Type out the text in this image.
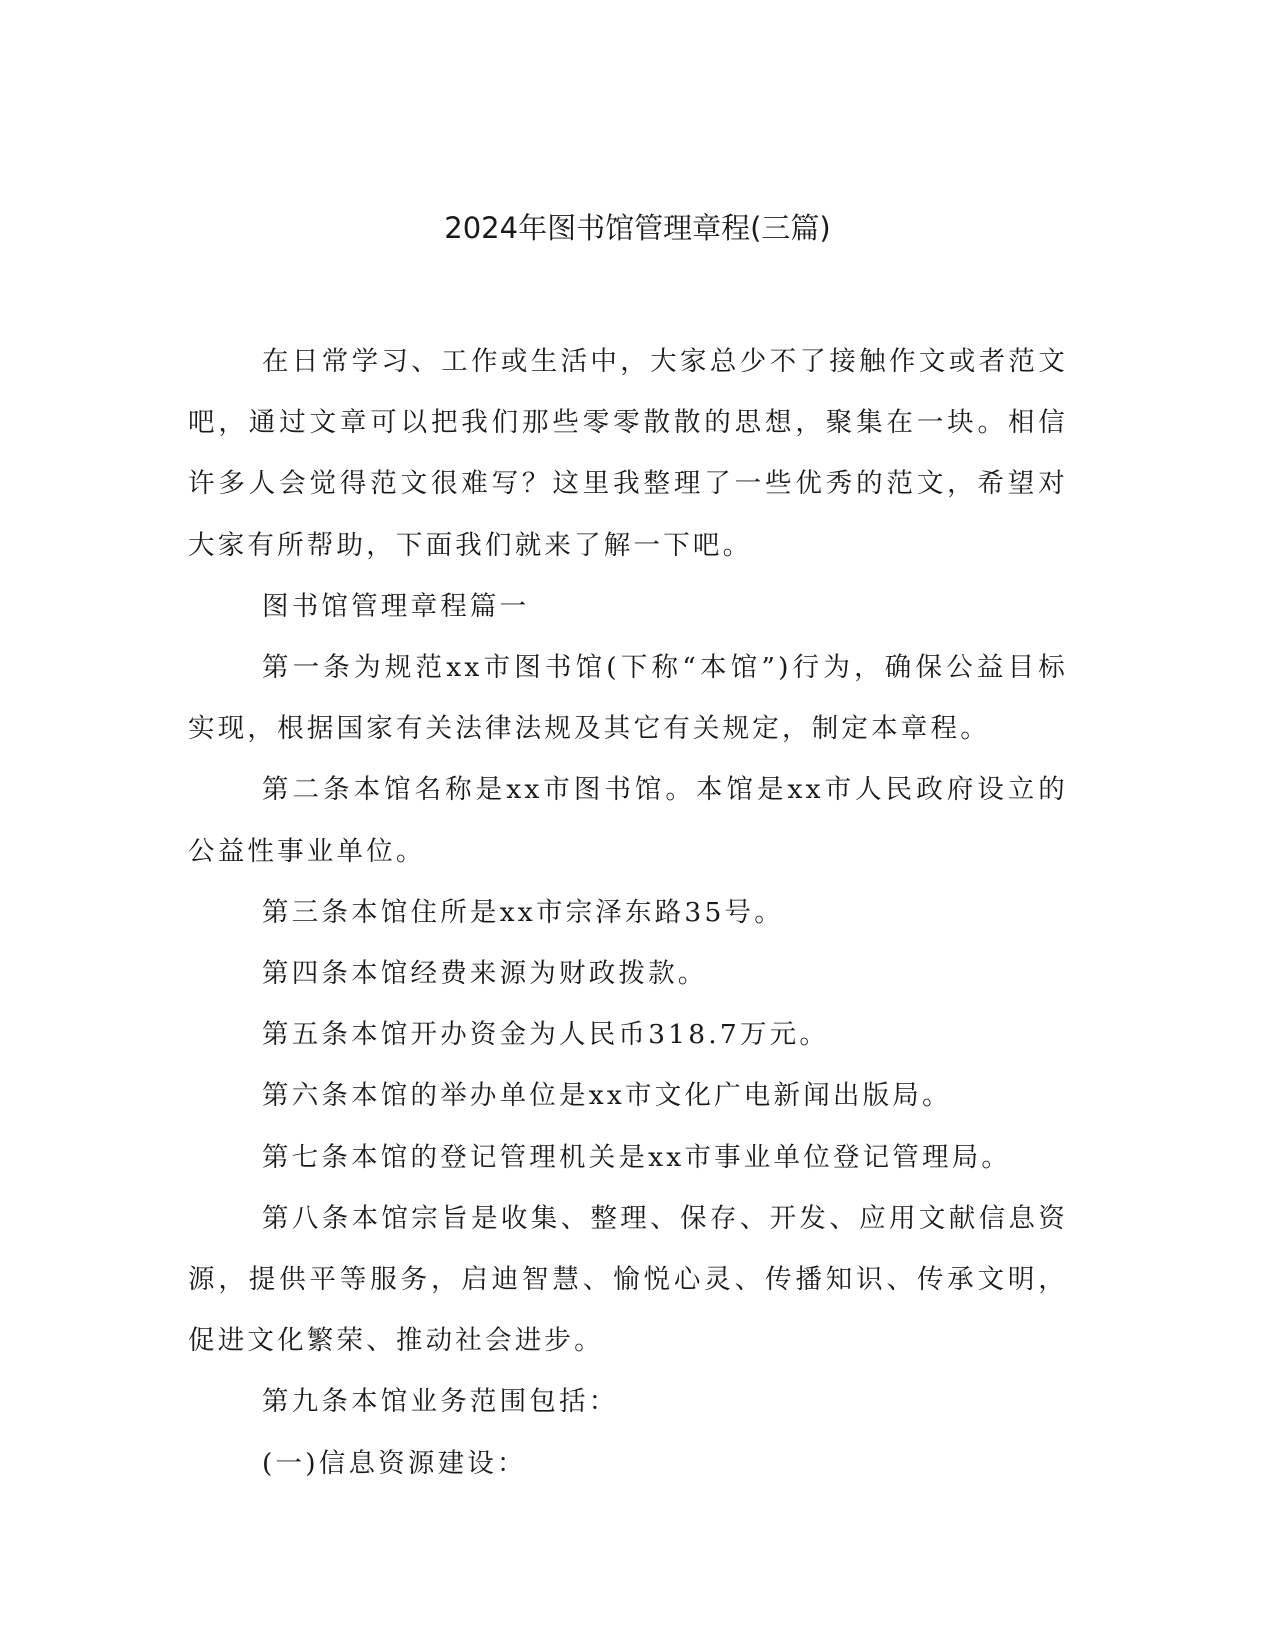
2024年图书馆管理章程(三篇)

在日常学习、工作或生活中，大家总少不了接触作文或者范文吧，通过文章可以把我们那些零零散散的思想，聚集在一块。相信许多人会觉得范文很难写？这里我整理了一些优秀的范文，希望对大家有所帮助，下面我们就来了解一下吧。

图书馆管理章程篇一

第一条为规范xx市图书馆(下称“本馆”)行为，确保公益目标实现，根据国家有关法律法规及其它有关规定，制定本章程。

第二条本馆名称是xx市图书馆。本馆是xx市人民政府设立的公益性事业单位。

第三条本馆住所是xx市宗泽东路35号。

第四条本馆经费来源为财政拨款。

第五条本馆开办资金为人民币318.7万元。

第六条本馆的举办单位是xx市文化广电新闻出版局。

第七条本馆的登记管理机关是xx市事业单位登记管理局。

第八条本馆宗旨是收集、整理、保存、开发、应用文献信息资源，提供平等服务，启迪智慧、愉悦心灵、传播知识、传承文明，促进文化繁荣、推动社会进步。

第九条本馆业务范围包括：

(一)信息资源建设：
